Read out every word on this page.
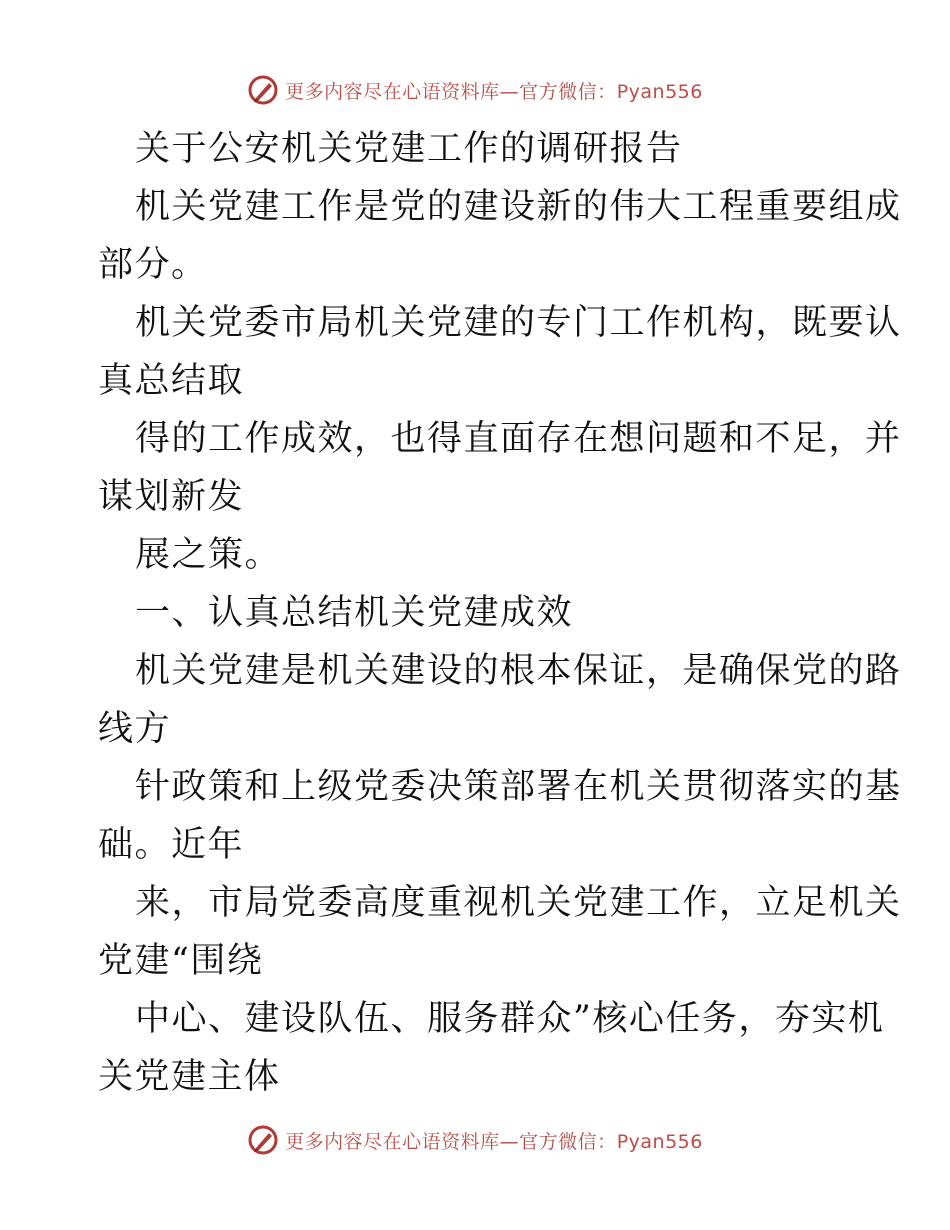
更多内容尽在心语资料库—官方微信：Pyan556
关于公安机关党建工作的调研报告
机关党建工作是党的建设新的伟大工程重要组成
部分。
机关党委市局机关党建的专门工作机构，既要认
真总结取
得的工作成效，也得直面存在想问题和不足，并
谋划新发
展之策。
一、认真总结机关党建成效
机关党建是机关建设的根本保证，是确保党的路
线方
针政策和上级党委决策部署在机关贯彻落实的基
础。近年
来，市局党委高度重视机关党建工作，立足机关
党建“围绕
中心、建设队伍、服务群众”核心任务，夯实机
关党建主体
更多内容尽在心语资料库—官方微信：Pyan556
